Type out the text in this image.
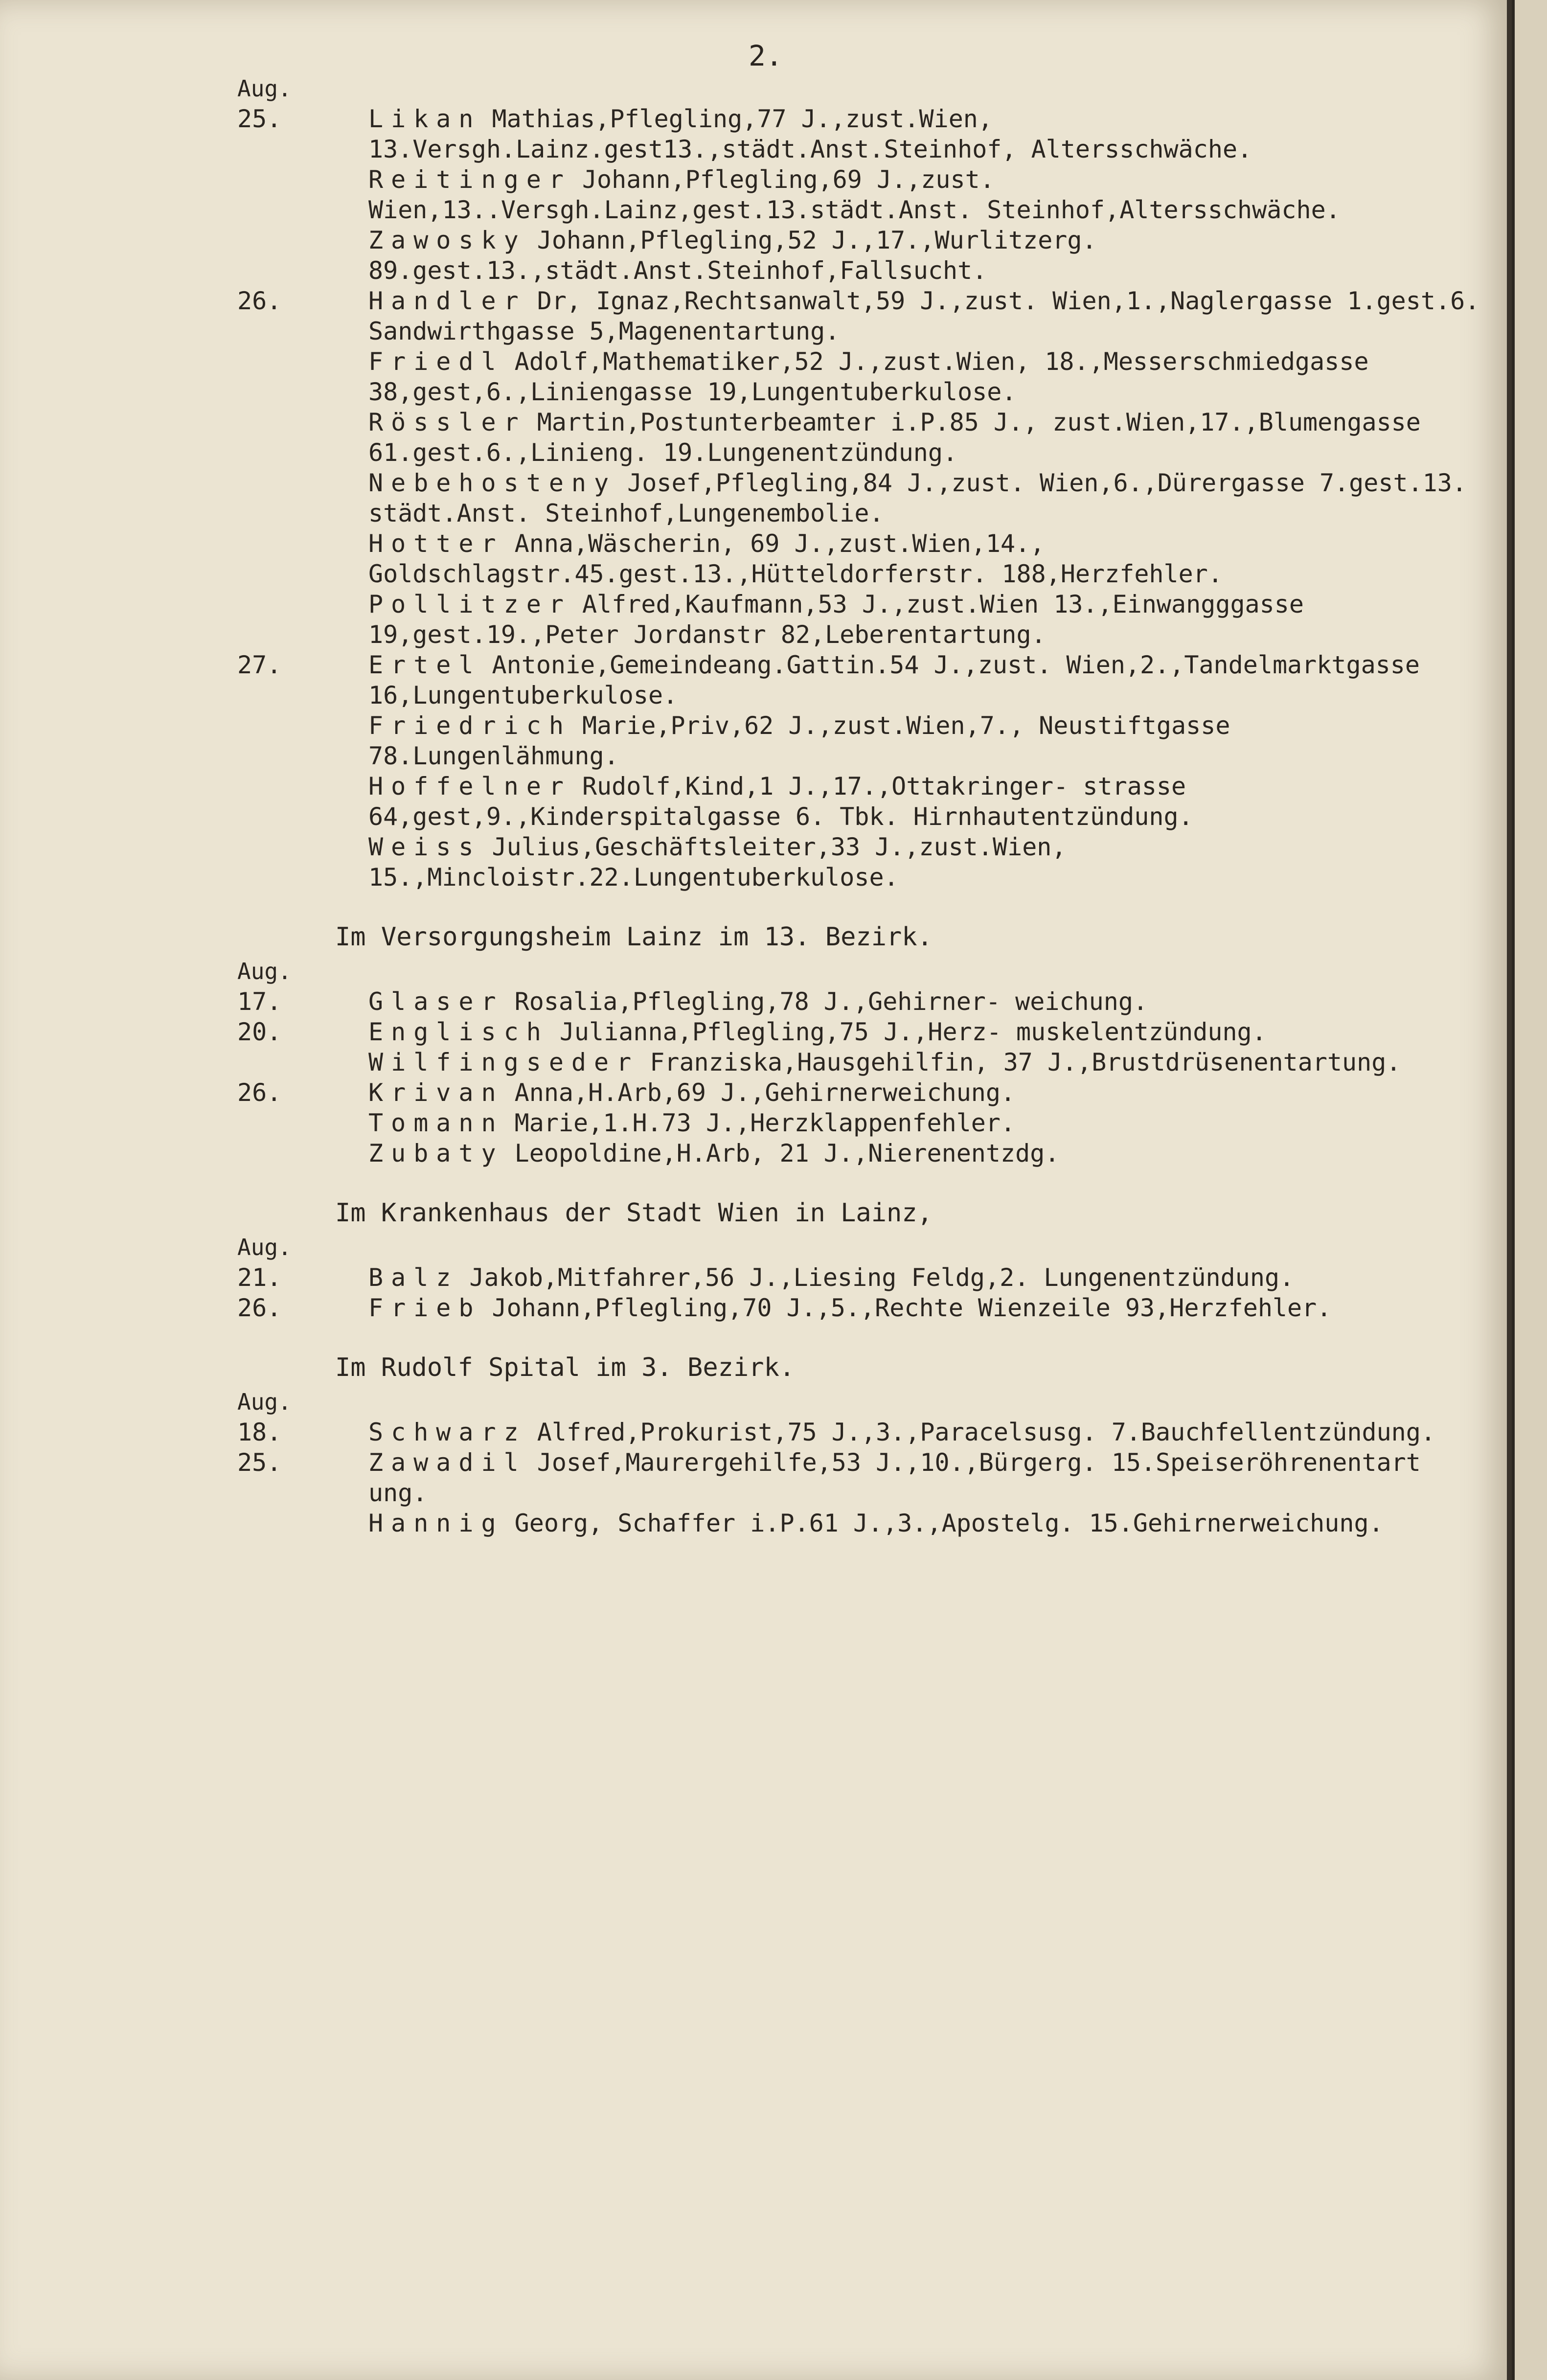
2.
Aug.
25.	Likan Mathias,Pflegling,77 J.,zust.Wien, 13.Versgh.Lainz.gest13.,städt.Anst.Steinhof, Altersschwäche.
Reitinger Johann,Pflegling,69 J.,zust. Wien,13..Versgh.Lainz,gest.13.städt.Anst. Steinhof,Altersschwäche.
Zawosky Johann,Pflegling,52 J.,17.,Wurlitzerg. 89.gest.13.,städt.Anst.Steinhof,Fallsucht.
26.	Handler Dr, Ignaz,Rechtsanwalt,59 J.,zust. Wien,1.,Naglergasse 1.gest.6. Sandwirthgasse 5,Magenentartung.
Friedl Adolf,Mathematiker,52 J.,zust.Wien, 18.,Messerschmiedgasse 38,gest,6.,Liniengasse 19,Lungentuberkulose.
Rössler Martin,Postunterbeamter i.P.85 J., zust.Wien,17.,Blumengasse 61.gest.6.,Linieng. 19.Lungenentzündung.
Nebehosteny Josef,Pflegling,84 J.,zust. Wien,6.,Dürergasse 7.gest.13. städt.Anst. Steinhof,Lungenembolie.
Hotter Anna,Wäscherin, 69 J.,zust.Wien,14., Goldschlagstr.45.gest.13.,Hütteldorferstr. 188,Herzfehler.
Pollitzer Alfred,Kaufmann,53 J.,zust.Wien 13.,Einwangggasse 19,gest.19.,Peter Jordanstr 82,Leberentartung.
27.	Ertel Antonie,Gemeindeang.Gattin.54 J.,zust. Wien,2.,Tandelmarktgasse 16,Lungentuberkulose.
Friedrich Marie,Priv,62 J.,zust.Wien,7., Neustiftgasse 78.Lungenlähmung.
Hoffelner Rudolf,Kind,1 J.,17.,Ottakringer- strasse 64,gest,9.,Kinderspitalgasse 6. Tbk. Hirnhautentzündung.
Weiss Julius,Geschäftsleiter,33 J.,zust.Wien, 15.,Mincloistr.22.Lungentuberkulose.
Im Versorgungsheim Lainz im 13. Bezirk.
Aug.
17.	Glaser Rosalia,Pflegling,78 J.,Gehirner- weichung.
20.	Englisch Julianna,Pflegling,75 J.,Herz- muskelentzündung.
Wilfingseder Franziska,Hausgehilfin, 37 J.,Brustdrüsenentartung.
26.	Krivan Anna,H.Arb,69 J.,Gehirnerweichung.
Tomann Marie,1.H.73 J.,Herzklappenfehler.
Zubaty Leopoldine,H.Arb, 21 J.,Nierenentzdg.
Im Krankenhaus der Stadt Wien in Lainz,
Aug.
21.	Balz Jakob,Mitfahrer,56 J.,Liesing Feldg,2. Lungenentzündung.
26.	Frieb Johann,Pflegling,70 J.,5.,Rechte Wienzeile 93,Herzfehler.
Im Rudolf Spital im 3. Bezirk.
Aug.
18.	Schwarz Alfred,Prokurist,75 J.,3.,Paracelsusg. 7.Bauchfellentzündung.
25.	Zawadil Josef,Maurergehilfe,53 J.,10.,Bürgerg. 15.Speiseröhrenentart ung.
Hannig Georg, Schaffer i.P.61 J.,3.,Apostelg. 15.Gehirnerweichung.
